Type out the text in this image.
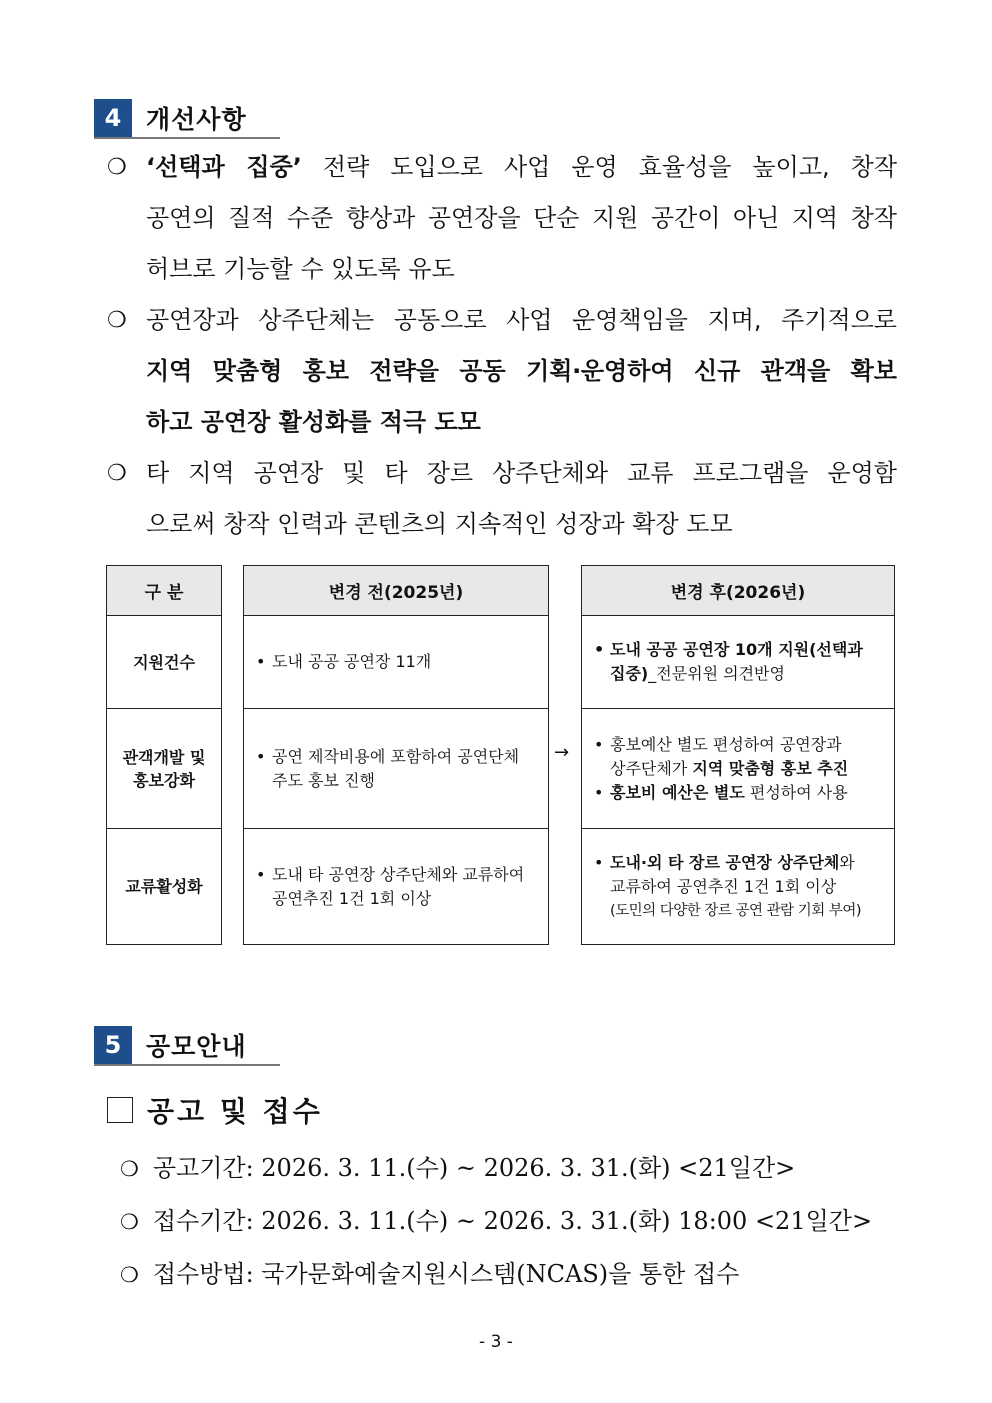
4 개선사항
❍ ‘선택과 집중’ 전략 도입으로 사업 운영 효율성을 높이고, 창작
공연의 질적 수준 향상과 공연장을 단순 지원 공간이 아닌 지역 창작
허브로 기능할 수 있도록 유도
❍ 공연장과 상주단체는 공동으로 사업 운영책임을 지며, 주기적으로
지역 맞춤형 홍보 전략을 공동 기획‧운영하여 신규 관객을 확보
하고 공연장 활성화를 적극 도모
❍ 타 지역 공연장 및 타 장르 상주단체와 교류 프로그램을 운영함
으로써 창작 인력과 콘텐츠의 지속적인 성장과 확장 도모
구 분
지원건수
관객개발 및
홍보강화
교류활성화
변경 전(2025년)
• 도내 공공 공연장 11개
• 공연 제작비용에 포함하여 공연단체
주도 홍보 진행
• 도내 타 공연장 상주단체와 교류하여
공연추진 1건 1회 이상
→
변경 후(2026년)
• 도내 공공 공연장 10개 지원(선택과
집중)_전문위원 의견반영
• 홍보예산 별도 편성하여 공연장과
상주단체가 지역 맞춤형 홍보 추진
• 홍보비 예산은 별도 편성하여 사용
• 도내·외 타 장르 공연장 상주단체와
교류하여 공연추진 1건 1회 이상
(도민의 다양한 장르 공연 관람 기회 부여)
5 공모안내
공고 및 접수
❍ 공고기간: 2026. 3. 11.(수) ~ 2026. 3. 31.(화) <21일간>
❍ 접수기간: 2026. 3. 11.(수) ~ 2026. 3. 31.(화) 18:00 <21일간>
❍ 접수방법: 국가문화예술지원시스템(NCAS)을 통한 접수
- 3 -
